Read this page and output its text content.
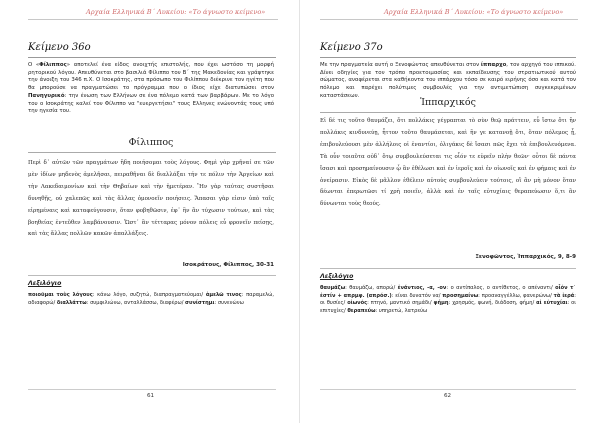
Αρχαία Ελληνικά Β΄ Λυκείου: «Το άγνωστο κείμενο»
Κείμενο 36ο
Ο «Φίλιππος» αποτελεί ένα είδος ανοιχτής επιστολής, που έχει ωστόσο τη μορφή ρητορικού λόγου. Απευθύνεται στο βασιλιά Φίλιππο τον Β΄ της Μακεδονίας και γράφτηκε την άνοιξη του 346 π.Χ. Ο Ισοκράτης, στα πρόσωπο του Φιλίππου διέκρινε τον ηγέτη που θα μπορούσε να πραγματώσει το πρόγραμμα που ο ίδιος είχε διατυπώσει στον Πανηγυρικό: την ένωση των Ελλήνων σε ένα πόλεμο κατά των βαρβάρων. Με το λόγο του ο Ισοκράτης καλεί τον Φίλιππο να "ευεργετήσει" τους Ελληνες ενώνοντάς τους υπό την ηγεσία του.
Φίλιππος
Περὶ δ᾽ αὐτῶν τῶν πραγμάτων ἤδη ποιήσομαι τοὺς λόγους. Φημὶ γὰρ χρῆναί σε τῶν μὲν ἰδίων μηδενὸς ἀμελῆσαι, πειραθῆναι δὲ διαλλάξαι τήν τε πόλιν τὴν Ἀργείων καὶ τὴν Λακεδαιμονίων καὶ τὴν Θηβαίων καὶ τὴν ἡμετέραν. Ἢν γὰρ ταύτας συστῆσαι δυνηθῇς, οὐ χαλεπῶς καὶ τὰς ἄλλας ὁμονοεῖν ποιήσεις. Ἅπασαι γὰρ εἰσιν ὑπὸ ταῖς εἰρημέναις καὶ καταφεύγουσιν, ὅταν φοβηθῶσιν, ἐφ᾽ ἣν ἂν τύχωσιν τούτων, καὶ τὰς βοηθείας ἐντεῦθεν λαμβάνουσιν. Ὥστ᾽ ἂν τέτταρας μόνον πόλεις εὖ φρονεῖν πείσῃς, καὶ τὰς ἄλλας πολλῶν κακῶν ἀπαλλάξεις.
Ισοκράτους, Φίλιππος, 30-31
Λεξιλόγιο
ποιοῦμαι τοὺς λόγους: κάνω λόγο, συζητώ, διαπραγματεύομαι/ ἀμελῶ τινος: παραμελώ, αδιαφορώ/ διαλλάττω: συμφιλιώνω, ανταλλάσσω, διαφέρω/ συνίστημι: συνενώνω
61
Αρχαία Ελληνικά Β΄ Λυκείου: «Το άγνωστο κείμενο»
Κείμενο 37ο
Με την πραγματεία αυτή ο Ξενοφώντας απευθύνεται στον ίππαρχο, τον αρχηγό του ιππικού. Δίνει οδηγίες για τον τρόπο προετοιμασίας και εκπαίδευσης του στρατιωτικού αυτού σώματος, αναφέρεται στα καθήκοντα του ιππάρχου τόσο σε καιρό ειρήνης όσο και κατά τον πόλεμο και παρέχει πολύτιμες συμβουλές για την αντιμετώπιση συγκεκριμένων καταστάσεων.
Ἱππαρχικός
Εἰ δέ τις τοῦτο θαυμάζει, ὅτι πολλάκις γέγραπται τὸ σὺν θεῷ πράττειν, εὖ ἴστω ὅτι ἢν πολλάκις κινδυνεύῃ, ἧττον τοῦτο θαυμάσεται, καὶ ἢν γε κατανοῇ ὅτι, ὅταν πόλεμος ᾖ, ἐπιβουλεύουσι μὲν ἀλλήλοις οἱ ἐναντίοι, ὀλιγάκις δὲ ἴσασι πῶς ἔχει τὰ ἐπιβουλευόμενα. Τὰ οὖν τοιαῦτα οὐδ᾽ ὅτῳ συμβουλεύσεται τις οἷόν τε εὑρεῖν πλὴν θεῶν· οὗτοι δὲ πάντα ἴσασι καὶ προσημαίνουσιν ᾧ ἂν ἐθέλωσι καὶ ἐν ἱεροῖς καὶ ἐν οἰωνοῖς καὶ ἐν φήμαις καὶ ἐν ὀνείρασιν. Εἰκὸς δὲ μᾶλλον ἐθέλειν αὐτοὺς συμβουλεύειν τούτοις, οἳ ἂν μὴ μόνον ὅταν δέωνται ἐπερωτῶσι τί χρὴ ποιεῖν, ἀλλὰ καὶ ἐν ταῖς εὐτυχίαις θεραπεύωσιν ὅ,τι ἂν δύνωνται τοὺς θεούς.
Ξενοφῶντος, Ἱππαρχικός, 9, 8-9
Λεξιλόγιο
θαυμάζω: θαυμάζω, απορώ/ ἐνάντιος, -α, -ον: ο αντίπαλος, ο αντίθετος, ο απέναντι/ οἷόν τ᾽ ἐστίν + απρμφ. (απρόσ.): είναι δυνατόν να/ προσημαίνω: προαναγγέλλω, φανερώνω/ τὰ ἱερά: οι θυσίες/ οἰωνός: πτηνό, μαντικό σημάδι/ φήμη: χρησμός, φωνή, διάδοση, φήμη/ αἱ εὐτυχίαι: οι επιτυχίες/ θεραπεύω: υπηρετώ, λατρεύω
62
